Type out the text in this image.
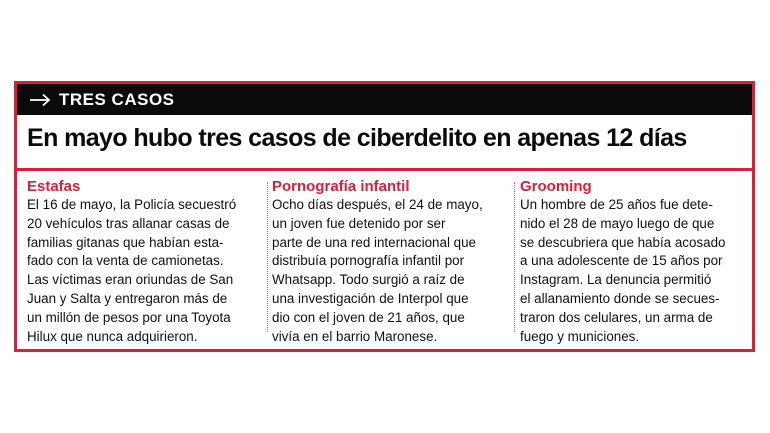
TRES CASOS
En mayo hubo tres casos de ciberdelito en apenas 12 días

Estafas

El 16 de mayo, la Policía secuestró
20 vehículos tras allanar casas de
familias gitanas que habían esta-
fado con la venta de camionetas.
Las víctimas eran oriundas de San
Juan y Salta y entregaron más de
un millón de pesos por una Toyota
Hilux que nunca adquirieron.

Pornografía infantil

Ocho días después, el 24 de mayo,
un joven fue detenido por ser
parte de una red internacional que
distribuía pornografía infantil por
Whatsapp. Todo surgió a raíz de
una investigación de Interpol que
dio con el joven de 21 años, que
vivía en el barrio Maronese.

Grooming

Un hombre de 25 años fue dete-
nido el 28 de mayo luego de que
se descubriera que había acosado
a una adolescente de 15 años por
Instagram. La denuncia permitió
el allanamiento donde se secues-
traron dos celulares, un arma de
fuego y municiones.
